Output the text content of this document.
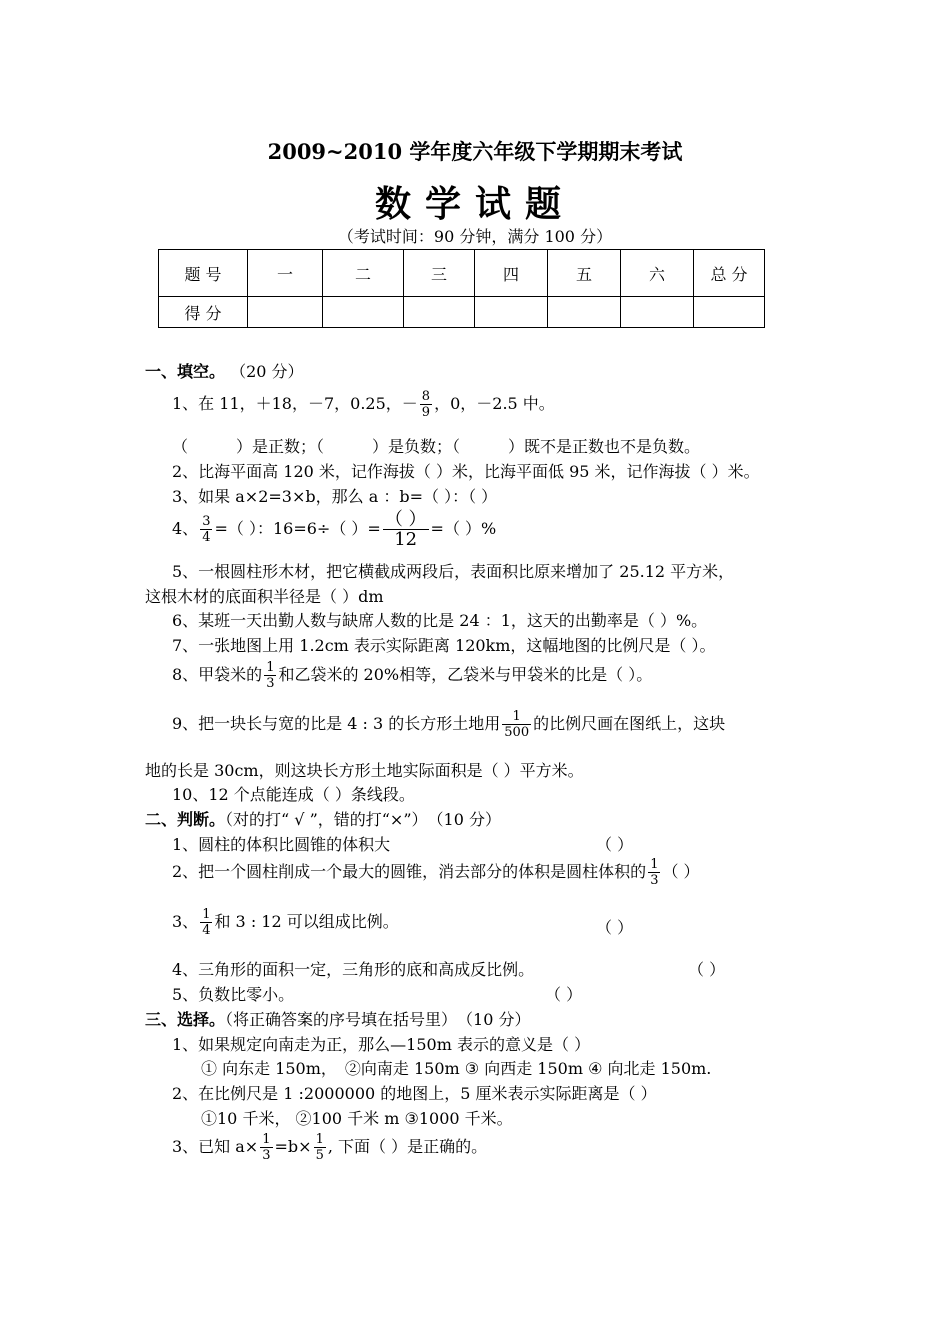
2009~2010 学年度六年级下学期期末考试
数学试题
（考试时间：90 分钟，满分 100 分）
题 号	一	二	三	四	五	六	总 分
得 分							
一、填空。 （20 分）
1、在 11，＋18，－7，0.25，－ $\frac{8}{9}$ ，0，－2.5 中。
（　　　）是正数；（　　　）是负数；（　　　）既不是正数也不是负数。
2、比海平面高 120 米，记作海拔（ ）米，比海平面低 95 米，记作海拔（ ）米。
3、如果 a×2=3×b，那么 a ：b=（ ）：（ ）
4、 $\frac{3}{4}$ =（ ）：16=6÷（ ）= $\frac{( )}{12}$ =（ ）%
5、一根圆柱形木材，把它横截成两段后，表面积比原来增加了 25.12 平方米，
这根木材的底面积半径是（ ）dm
6、某班一天出勤人数与缺席人数的比是 24 ：1，这天的出勤率是（ ）%。
7、一张地图上用 1.2cm 表示实际距离 120km，这幅地图的比例尺是（ ）。
8、甲袋米的 $\frac{1}{3}$ 和乙袋米的 20%相等，乙袋米与甲袋米的比是（ ）。
9、把一块长与宽的比是 4 : 3 的长方形土地用 $\frac{1}{500}$ 的比例尺画在图纸上，这块
地的长是 30cm，则这块长方形土地实际面积是（ ）平方米。
10、12 个点能连成（ ）条线段。
二、判断。（对的打“ √ ”，错的打“×”）　（10 分）
1、圆柱的体积比圆锥的体积大	（ ）
2、把一个圆柱削成一个最大的圆锥，消去部分的体积是圆柱体积的 $\frac{1}{3}$ （ ）
3、 $\frac{1}{4}$ 和 3 : 12 可以组成比例。	（ ）
4、三角形的面积一定，三角形的底和高成反比例。	（ ）
5、负数比零小。	（ ）
三、选择。（将正确答案的序号填在括号里）　（10 分）
1、如果规定向南走为正，那么—150m 表示的意义是（ ）
① 向东走 150m，　②向南走 150m ③ 向西走 150m ④ 向北走 150m.
2、在比例尺是 1 :2000000 的地图上，5 厘米表示实际距离是（ ）
①10 千米， ②100 千米 m ③1000 千米。
3、已知 $a\times \frac{1}{3} =b\times \frac{1}{5}$ , 下面（ ）是正确的。
